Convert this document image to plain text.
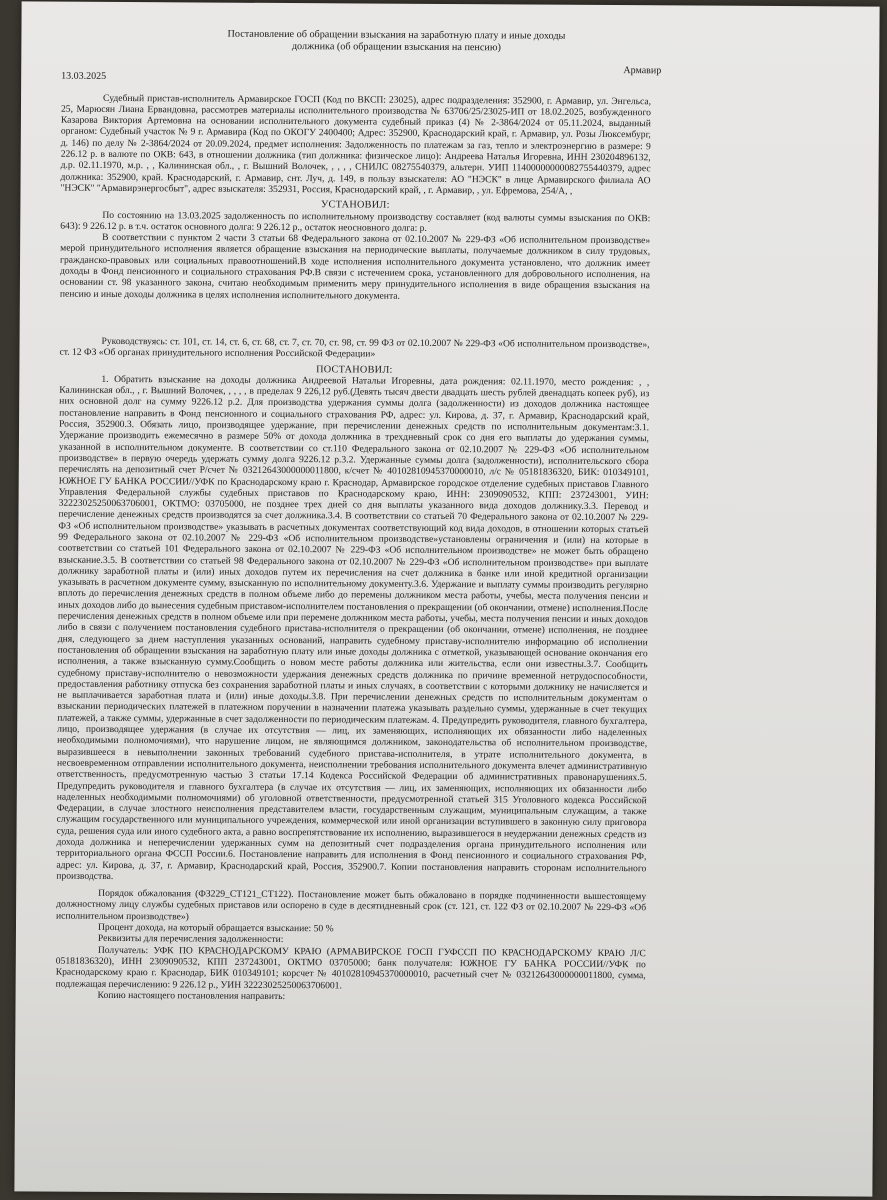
Постановление об обращении взыскания на заработную плату и иные доходы
должника (об обращении взыскания на пенсию)
Армавир
13.03.2025

Судебный пристав-исполнитель Армавирское ГОСП (Код по ВКСП: 23025), адрес подразделения: 352900, г. Армавир, ул. Энгельса, 25, Марюсян Лиана Ервандовна, рассмотрев материалы исполнительного производства № 63706/25/23025-ИП от 18.02.2025, возбужденного Казарова Виктория Артемовна на основании исполнительного документа судебный приказ (4) № 2-3864/2024 от 05.11.2024, выданный органом: Судебный участок № 9 г. Армавира (Код по ОКОГУ 2400400; Адрес: 352900, Краснодарский край, г. Армавир, ул. Розы Люксембург, д. 146) по делу № 2-3864/2024 от 20.09.2024, предмет исполнения: Задолженность по платежам за газ, тепло и электроэнергию в размере: 9 226.12 р. в валюте по ОКВ: 643, в отношении должника (тип должника: физическое лицо): Андреева Наталья Игоревна, ИНН 230204896132, д.р. 02.11.1970, м.р. , , Калининская обл., , г. Вышний Волочек, , , , , СНИЛС 08275540379, альтерн. УИП 11400000000082755440379, адрес должника: 352900, край. Краснодарский, г. Армавир, снт. Луч, д. 149, в пользу взыскателя: АО "НЭСК" в лице Армавирского филиала АО "НЭСК" "Армавирэнергосбыт", адрес взыскателя: 352931, Россия, Краснодарский край, , г. Армавир, , ул. Ефремова, 254/А, ,

УСТАНОВИЛ:

По состоянию на 13.03.2025 задолженность по исполнительному производству составляет (код валюты суммы взыскания по ОКВ: 643): 9 226.12 р. в т.ч. остаток основного долга: 9 226.12 р., остаток неосновного долга: р.

В соответствии с пунктом 2 части 3 статьи 68 Федерального закона от 02.10.2007 № 229-ФЗ «Об исполнительном производстве» мерой принудительного исполнения является обращение взыскания на периодические выплаты, получаемые должником в силу трудовых, гражданско-правовых или социальных правоотношений.В ходе исполнения исполнительного документа установлено, что должник имеет доходы в Фонд пенсионного и социального страхования РФ.В связи с истечением срока, установленного для добровольного исполнения, на основании ст. 98 указанного закона, считаю необходимым применить меру принудительного исполнения в виде обращения взыскания на пенсию и иные доходы должника в целях исполнения исполнительного документа.

Руководствуясь: ст. 101, ст. 14, ст. 6, ст. 68, ст. 7, ст. 70, ст. 98, ст. 99 ФЗ от 02.10.2007 № 229-ФЗ «Об исполнительном производстве», ст. 12 ФЗ «Об органах принудительного исполнения Российской Федерации»

ПОСТАНОВИЛ:

1. Обратить взыскание на доходы должника Андреевой Натальи Игоревны, дата рождения: 02.11.1970, место рождения: , , Калининская обл., , г. Вышний Волочек, , , , , в пределах 9 226,12 руб.(Девять тысяч двести двадцать шесть рублей двенадцать копеек руб), из них основной долг на сумму 9226.12 р.2. Для производства удержания суммы долга (задолженности) из доходов должника настоящее постановление направить в Фонд пенсионного и социального страхования РФ, адрес: ул. Кирова, д. 37, г. Армавир, Краснодарский край, Россия, 352900.3. Обязать лицо, производящее удержание, при перечислении денежных средств по исполнительным документам:3.1. Удержание производить ежемесячно в размере 50% от дохода должника в трехдневный срок со дня его выплаты до удержания суммы, указанной в исполнительном документе. В соответствии со ст.110 Федерального закона от 02.10.2007 № 229-ФЗ «Об исполнительном производстве» в первую очередь удержать сумму долга 9226.12 р.3.2. Удержанные суммы долга (задолженности), исполнительского сбора перечислять на депозитный счет Р/счет № 03212643000000011800, к/счет № 40102810945370000010, л/с № 05181836320, БИК: 010349101, ЮЖНОЕ ГУ БАНКА РОССИИ//УФК по Краснодарскому краю г. Краснодар, Армавирское городское отделение судебных приставов Главного Управления Федеральной службы судебных приставов по Краснодарскому краю, ИНН: 2309090532, КПП: 237243001, УИН: 32223025250063706001, ОКТМО: 03705000, не позднее трех дней со дня выплаты указанного вида доходов должнику.3.3. Перевод и перечисление денежных средств производятся за счет должника.3.4. В соответствии со статьей 70 Федерального закона от 02.10.2007 № 229-ФЗ «Об исполнительном производстве» указывать в расчетных документах соответствующий код вида доходов, в отношении которых статьей 99 Федерального закона от 02.10.2007 № 229-ФЗ «Об исполнительном производстве»установлены ограничения и (или) на которые в соответствии со статьей 101 Федерального закона от 02.10.2007 № 229-ФЗ «Об исполнительном производстве» не может быть обращено взыскание.3.5. В соответствии со статьей 98 Федерального закона от 02.10.2007 № 229-ФЗ «Об исполнительном производстве» при выплате должнику заработной платы и (или) иных доходов путем их перечисления на счет должника в банке или иной кредитной организации указывать в расчетном документе сумму, взысканную по исполнительному документу.3.6. Удержание и выплату суммы производить регулярно вплоть до перечисления денежных средств в полном объеме либо до перемены должником места работы, учебы, места получения пенсии и иных доходов либо до вынесения судебным приставом-исполнителем постановления о прекращении (об окончании, отмене) исполнения.После перечисления денежных средств в полном объеме или при перемене должником места работы, учебы, места получения пенсии и иных доходов либо в связи с получением постановления судебного пристава-исполнителя о прекращении (об окончании, отмене) исполнения, не позднее дня, следующего за днем наступления указанных оснований, направить судебному приставу-исполнителю информацию об исполнении постановления об обращении взыскания на заработную плату или иные доходы должника с отметкой, указывающей основание окончания его исполнения, а также взысканную сумму.Сообщить о новом месте работы должника или жительства, если они известны.3.7. Сообщить судебному приставу-исполнителю о невозможности удержания денежных средств должника по причине временной нетрудоспособности, предоставления работнику отпуска без сохранения заработной платы и иных случаях, в соответствии с которыми должнику не начисляется и не выплачивается заработная плата и (или) иные доходы.3.8. При перечислении денежных средств по исполнительным документам о взыскании периодических платежей в платежном поручении в назначении платежа указывать раздельно суммы, удержанные в счет текущих платежей, а также суммы, удержанные в счет задолженности по периодическим платежам. 4. Предупредить руководителя, главного бухгалтера, лицо, производящее удержания (в случае их отсутствия — лиц, их заменяющих, исполняющих их обязанности либо наделенных необходимыми полномочиями), что нарушение лицом, не являющимся должником, законодательства об исполнительном производстве, выразившееся в невыполнении законных требований судебного пристава-исполнителя, в утрате исполнительного документа, в несвоевременном отправлении исполнительного документа, неисполнении требования исполнительного документа влечет административную ответственность, предусмотренную частью 3 статьи 17.14 Кодекса Российской Федерации об административных правонарушениях.5. Предупредить руководителя и главного бухгалтера (в случае их отсутствия — лиц, их заменяющих, исполняющих их обязанности либо наделенных необходимыми полномочиями) об уголовной ответственности, предусмотренной статьей 315 Уголовного кодекса Российской Федерации, в случае злостного неисполнения представителем власти, государственным служащим, муниципальным служащим, а также служащим государственного или муниципального учреждения, коммерческой или иной организации вступившего в законную силу приговора суда, решения суда или иного судебного акта, а равно воспрепятствование их исполнению, выразившегося в неудержании денежных средств из дохода должника и неперечислении удержанных сумм на депозитный счет подразделения органа принудительного исполнения или территориального органа ФССП России.6. Постановление направить для исполнения в Фонд пенсионного и социального страхования РФ, адрес: ул. Кирова, д. 37, г. Армавир, Краснодарский край, Россия, 352900.7. Копии постановления направить сторонам исполнительного производства.

Порядок обжалования (ФЗ229_СТ121_СТ122). Постановление может быть обжаловано в порядке подчиненности вышестоящему должностному лицу службы судебных приставов или оспорено в суде в десятидневный срок (ст. 121, ст. 122 ФЗ от 02.10.2007 № 229-ФЗ «Об исполнительном производстве»)

Процент дохода, на который обращается взыскание: 50 %

Реквизиты для перечисления задолженности:

Получатель: УФК ПО КРАСНОДАРСКОМУ КРАЮ (АРМАВИРСКОЕ ГОСП ГУФССП ПО КРАСНОДАРСКОМУ КРАЮ Л/С 05181836320), ИНН 2309090532, КПП 237243001, ОКТМО 03705000; банк получателя: ЮЖНОЕ ГУ БАНКА РОССИИ//УФК по Краснодарскому краю г. Краснодар, БИК 010349101; корсчет № 40102810945370000010, расчетный счет № 03212643000000011800, сумма, подлежащая перечислению: 9 226.12 р., УИН 32223025250063706001.

Копию настоящего постановления направить:
